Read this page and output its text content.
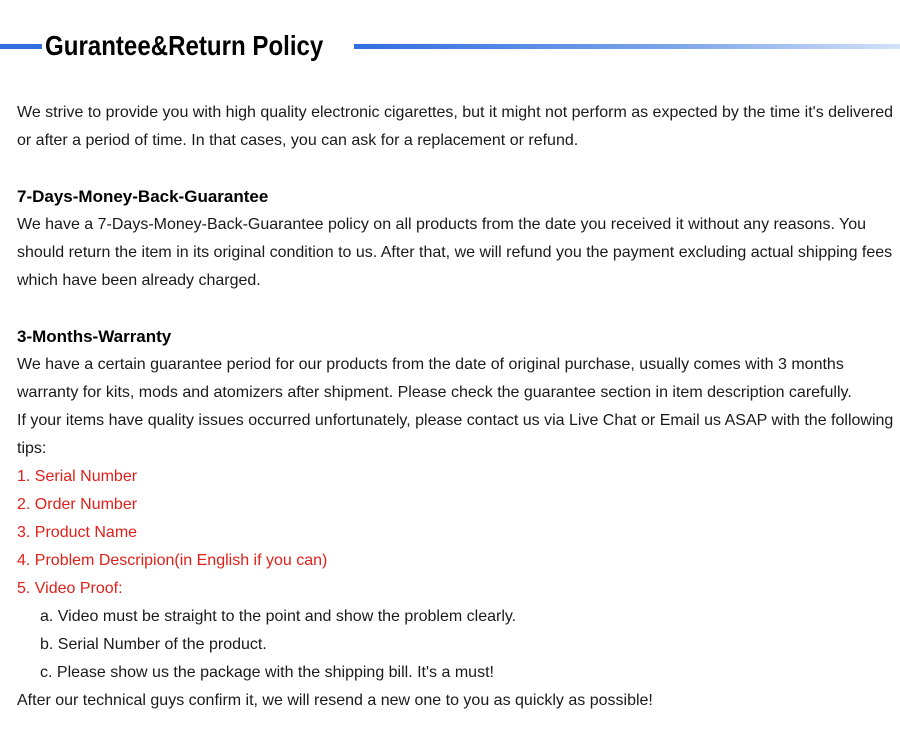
Gurantee&Return Policy

We strive to provide you with high quality electronic cigarettes, but it might not perform as expected by the time it's delivered or after a period of time. In that cases, you can ask for a replacement or refund.

7-Days-Money-Back-Guarantee

We have a 7-Days-Money-Back-Guarantee policy on all products from the date you received it without any reasons. You should return the item in its original condition to us. After that, we will refund you the payment excluding actual shipping fees which have been already charged.

3-Months-Warranty

We have a certain guarantee period for our products from the date of original purchase, usually comes with 3 months warranty for kits, mods and atomizers after shipment. Please check the guarantee section in item description carefully.

If your items have quality issues occurred unfortunately, please contact us via Live Chat or Email us ASAP with the following tips:

1. Serial Number

2. Order Number

3. Product Name

4. Problem Descripion(in English if you can)

5. Video Proof:

a. Video must be straight to the point and show the problem clearly.

b. Serial Number of the product.

c. Please show us the package with the shipping bill. It's a must!

After our technical guys confirm it, we will resend a new one to you as quickly as possible!
